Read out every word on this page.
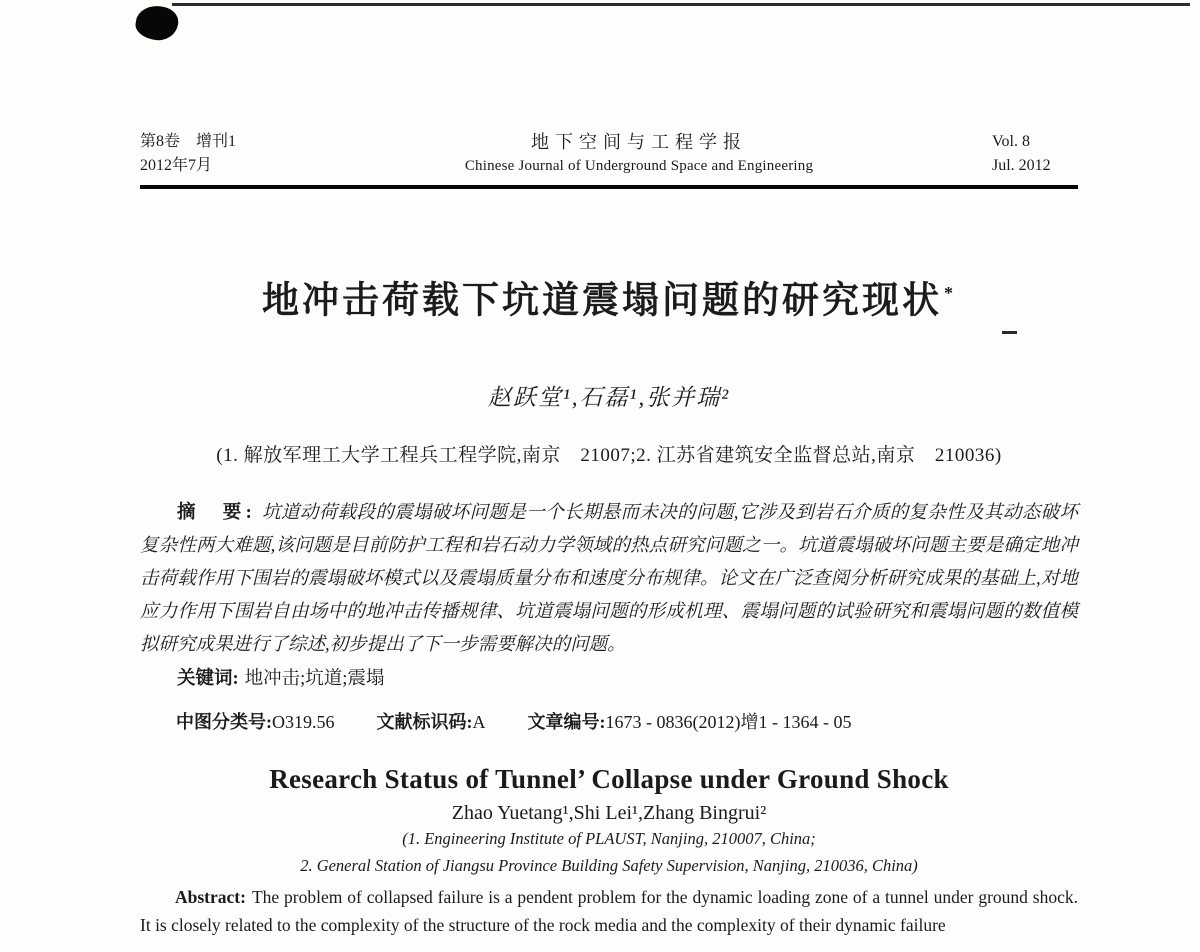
第8卷　增刊1
2012年7月
地下空间与工程学报
Chinese Journal of Underground Space and Engineering
Vol. 8
Jul. 2012
地冲击荷载下坑道震塌问题的研究现状 *

赵跃堂¹,石磊¹,张并瑞²

(1. 解放军理工大学工程兵工程学院,南京　21007;2. 江苏省建筑安全监督总站,南京　210036)

摘　要: 坑道动荷载段的震塌破坏问题是一个长期悬而未决的问题,它涉及到岩石介质的复杂性及其动态破坏复杂性两大难题,该问题是目前防护工程和岩石动力学领域的热点研究问题之一。坑道震塌破坏问题主要是确定地冲击荷载作用下围岩的震塌破坏模式以及震塌质量分布和速度分布规律。论文在广泛查阅分析研究成果的基础上,对地应力作用下围岩自由场中的地冲击传播规律、坑道震塌问题的形成机理、震塌问题的试验研究和震塌问题的数值模拟研究成果进行了综述,初步提出了下一步需要解决的问题。

关键词: 地冲击;坑道;震塌

中图分类号:O319.56 文献标识码:A 文章编号:1673 - 0836(2012)增1 - 1364 - 05

Research Status of Tunnel’ Collapse under Ground Shock

Zhao Yuetang¹,Shi Lei¹,Zhang Bingrui²

(1. Engineering Institute of PLAUST, Nanjing, 210007, China;

2. General Station of Jiangsu Province Building Safety Supervision, Nanjing, 210036, China)

Abstract: The problem of collapsed failure is a pendent problem for the dynamic loading zone of a tunnel under ground shock. It is closely related to the complexity of the structure of the rock media and the complexity of their dynamic failure
